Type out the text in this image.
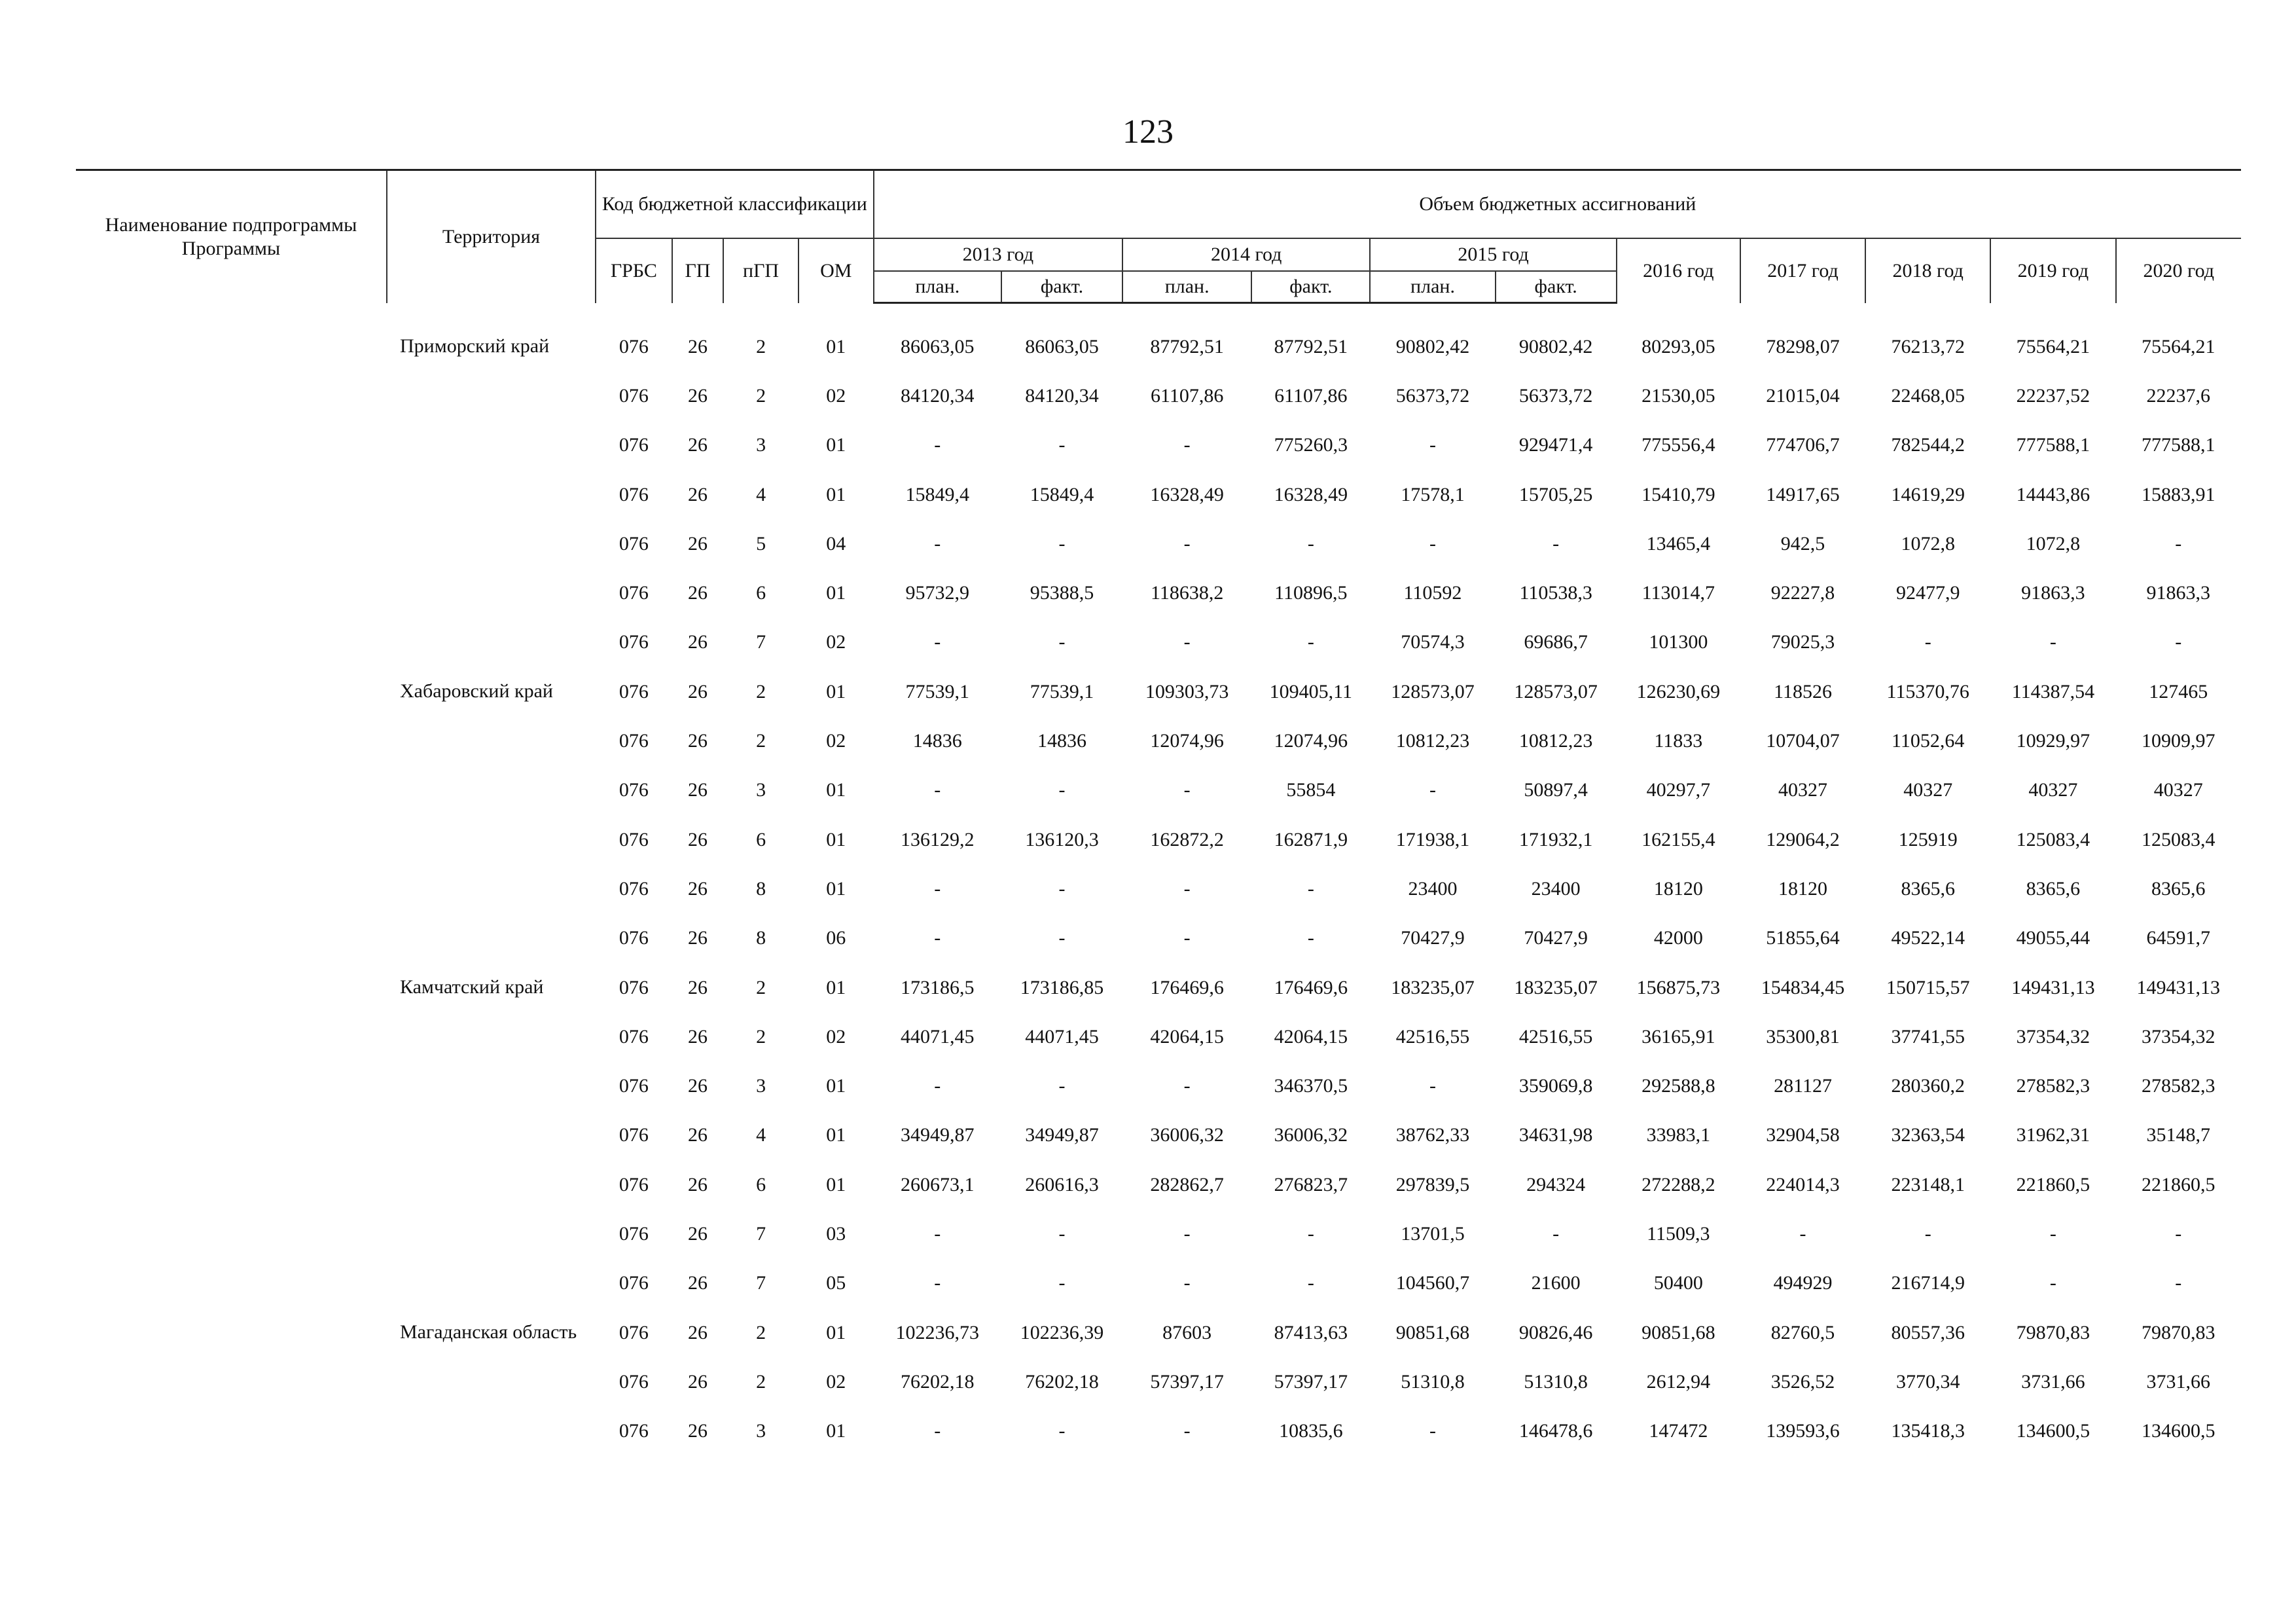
123
Наименование подпрограммы Программы	Территория	Код бюджетной классификации				Объем бюджетных ассигнований										
		ГРБС	ГП	пГП	ОМ	2013 год		2014 год		2015 год		2016 год	2017 год	2018 год	2019 год	2020 год
						план.	факт.	план.	факт.	план.	факт.					

	Приморский край	076	26	2	01	86063,05	86063,05	87792,51	87792,51	90802,42	90802,42	80293,05	78298,07	76213,72	75564,21	75564,21
		076	26	2	02	84120,34	84120,34	61107,86	61107,86	56373,72	56373,72	21530,05	21015,04	22468,05	22237,52	22237,6
		076	26	3	01	-	-	-	775260,3	-	929471,4	775556,4	774706,7	782544,2	777588,1	777588,1
		076	26	4	01	15849,4	15849,4	16328,49	16328,49	17578,1	15705,25	15410,79	14917,65	14619,29	14443,86	15883,91
		076	26	5	04	-	-	-	-	-	-	13465,4	942,5	1072,8	1072,8	-
		076	26	6	01	95732,9	95388,5	118638,2	110896,5	110592	110538,3	113014,7	92227,8	92477,9	91863,3	91863,3
		076	26	7	02	-	-	-	-	70574,3	69686,7	101300	79025,3	-	-	-
	Хабаровский край	076	26	2	01	77539,1	77539,1	109303,73	109405,11	128573,07	128573,07	126230,69	118526	115370,76	114387,54	127465
		076	26	2	02	14836	14836	12074,96	12074,96	10812,23	10812,23	11833	10704,07	11052,64	10929,97	10909,97
		076	26	3	01	-	-	-	55854	-	50897,4	40297,7	40327	40327	40327	40327
		076	26	6	01	136129,2	136120,3	162872,2	162871,9	171938,1	171932,1	162155,4	129064,2	125919	125083,4	125083,4
		076	26	8	01	-	-	-	-	23400	23400	18120	18120	8365,6	8365,6	8365,6
		076	26	8	06	-	-	-	-	70427,9	70427,9	42000	51855,64	49522,14	49055,44	64591,7
	Камчатский край	076	26	2	01	173186,5	173186,85	176469,6	176469,6	183235,07	183235,07	156875,73	154834,45	150715,57	149431,13	149431,13
		076	26	2	02	44071,45	44071,45	42064,15	42064,15	42516,55	42516,55	36165,91	35300,81	37741,55	37354,32	37354,32
		076	26	3	01	-	-	-	346370,5	-	359069,8	292588,8	281127	280360,2	278582,3	278582,3
		076	26	4	01	34949,87	34949,87	36006,32	36006,32	38762,33	34631,98	33983,1	32904,58	32363,54	31962,31	35148,7
		076	26	6	01	260673,1	260616,3	282862,7	276823,7	297839,5	294324	272288,2	224014,3	223148,1	221860,5	221860,5
		076	26	7	03	-	-	-	-	13701,5	-	11509,3	-	-	-	-
		076	26	7	05	-	-	-	-	104560,7	21600	50400	494929	216714,9	-	-
	Магаданская область	076	26	2	01	102236,73	102236,39	87603	87413,63	90851,68	90826,46	90851,68	82760,5	80557,36	79870,83	79870,83
		076	26	2	02	76202,18	76202,18	57397,17	57397,17	51310,8	51310,8	2612,94	3526,52	3770,34	3731,66	3731,66
		076	26	3	01	-	-	-	10835,6	-	146478,6	147472	139593,6	135418,3	134600,5	134600,5
